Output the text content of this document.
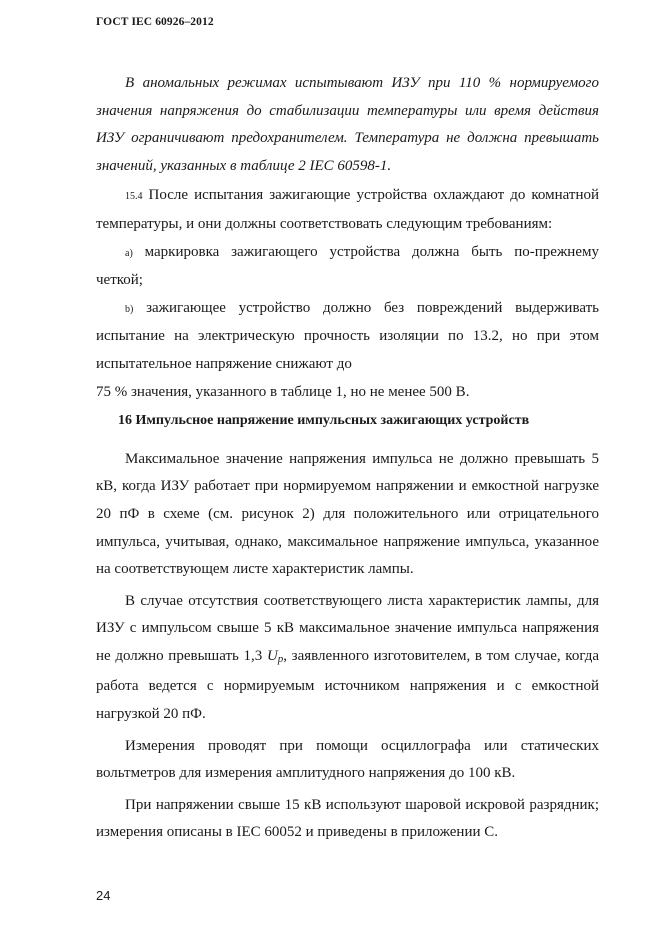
ГОСТ IEC 60926–2012

В аномальных режимах испытывают ИЗУ при 110 % нормируемого значения напряжения до стабилизации температуры или время действия ИЗУ ограничивают предохранителем. Температура не должна превышать значений, указанных в таблице 2 IEC 60598-1.

15.4 После испытания зажигающие устройства охлаждают до комнатной температуры, и они должны соответствовать следующим требованиям:

а) маркировка зажигающего устройства должна быть по-прежнему четкой;

b) зажигающее устройство должно без повреждений выдерживать испытание на электрическую прочность изоляции по 13.2, но при этом испытательное напряжение снижают до

75 % значения, указанного в таблице 1, но не менее 500 В.

16 Импульсное напряжение импульсных зажигающих устройств

Максимальное значение напряжения импульса не должно превышать 5 кВ, когда ИЗУ работает при нормируемом напряжении и емкостной нагрузке 20 пФ в схеме (см. рисунок 2) для положительного или отрицательного импульса, учитывая, однако, максимальное напряжение импульса, указанное на соответствующем листе характеристик лампы.

В случае отсутствия соответствующего листа характеристик лампы, для ИЗУ с импульсом свыше 5 кВ максимальное значение импульса напряжения не должно превышать 1,3 Up, заявленного изготовителем, в том случае, когда работа ведется с нормируемым источником напряжения и с емкостной нагрузкой 20 пФ.

Измерения проводят при помощи осциллографа или статических вольтметров для измерения амплитудного напряжения до 100 кВ.

При напряжении свыше 15 кВ используют шаровой искровой разрядник; измерения описаны в IEC 60052 и приведены в приложении С.

24
